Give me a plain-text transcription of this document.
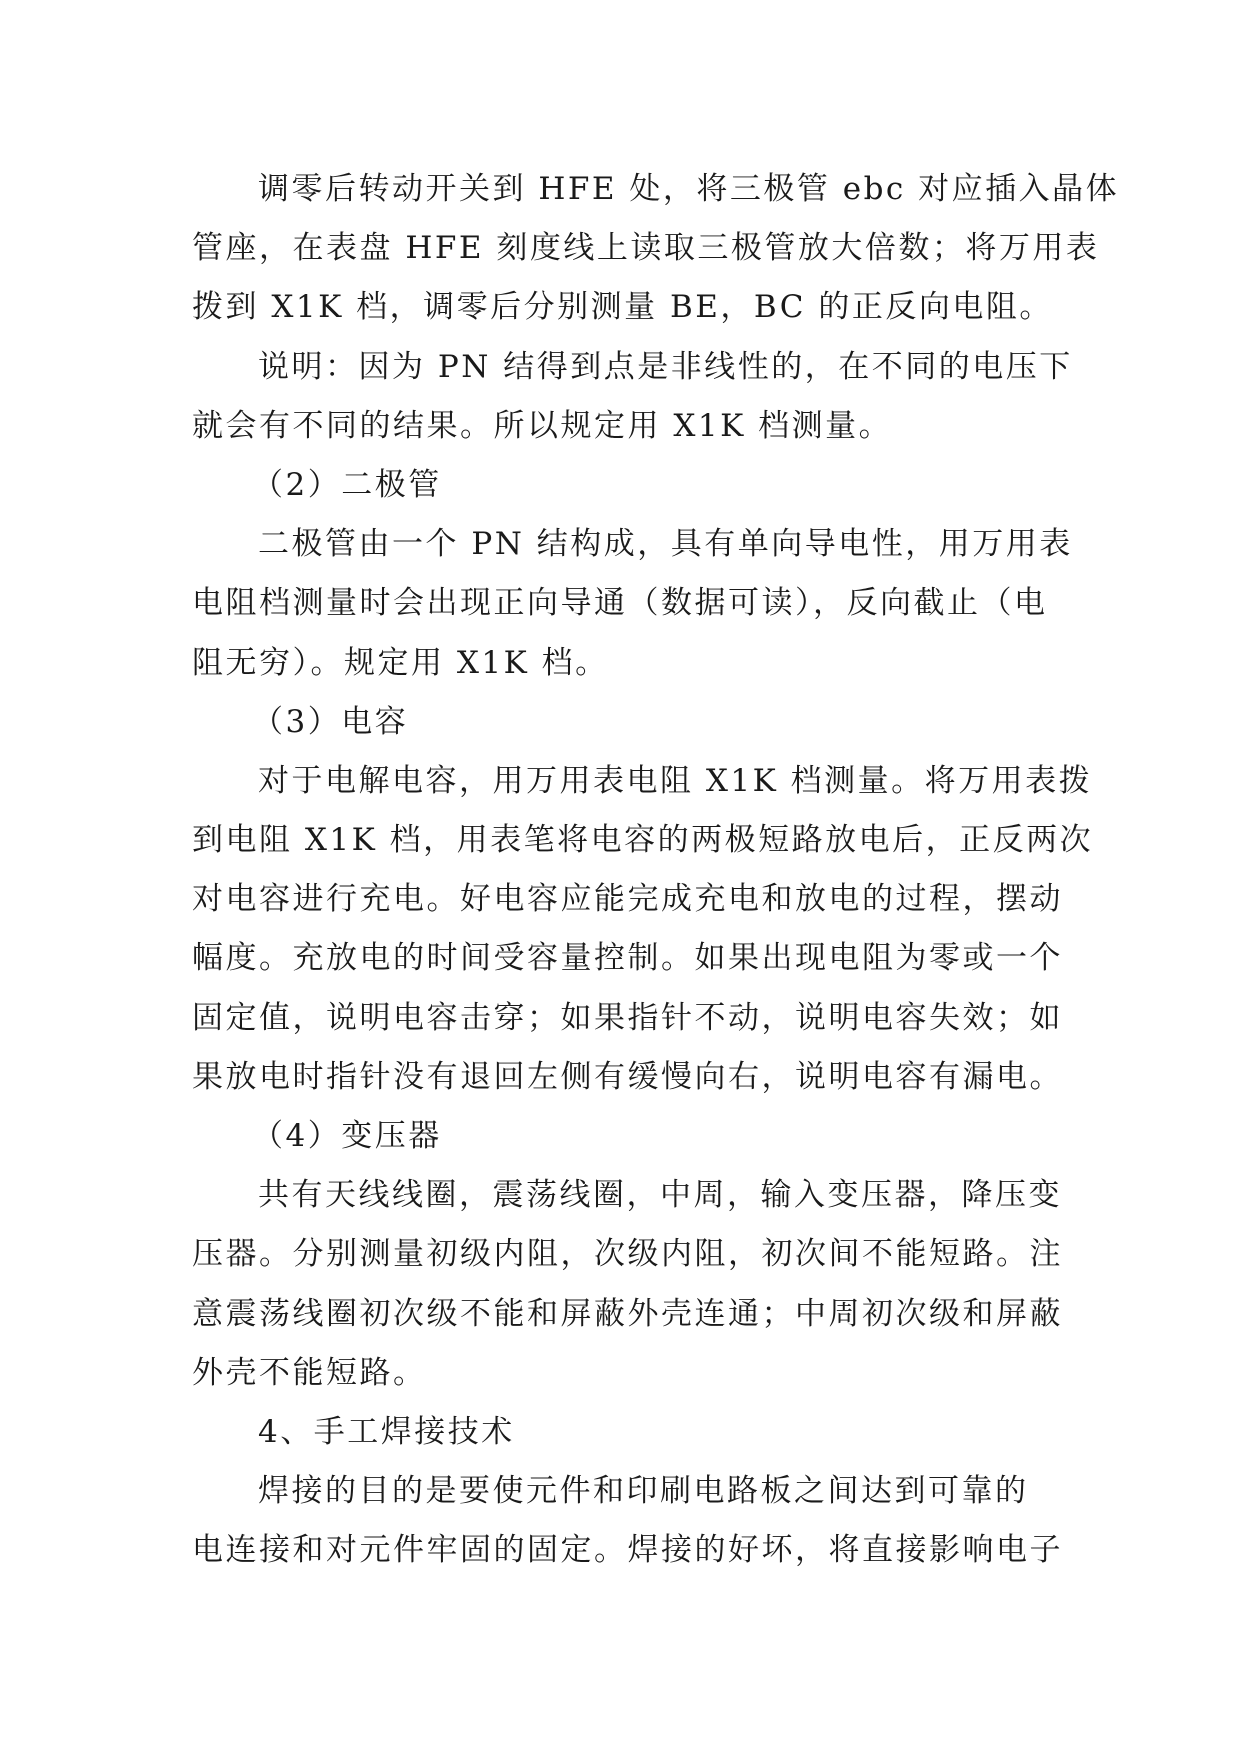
调零后转动开关到 HFE 处，将三极管 ebc 对应插入晶体
管座，在表盘 HFE 刻度线上读取三极管放大倍数；将万用表
拨到 X1K 档，调零后分别测量 BE，BC 的正反向电阻。
说明：因为 PN 结得到点是非线性的，在不同的电压下
就会有不同的结果。所以规定用 X1K 档测量。
（2）二极管
二极管由一个 PN 结构成，具有单向导电性，用万用表
电阻档测量时会出现正向导通（数据可读），反向截止（电
阻无穷）。规定用 X1K 档。
（3）电容
对于电解电容，用万用表电阻 X1K 档测量。将万用表拨
到电阻 X1K 档，用表笔将电容的两极短路放电后，正反两次
对电容进行充电。好电容应能完成充电和放电的过程，摆动
幅度。充放电的时间受容量控制。如果出现电阻为零或一个
固定值，说明电容击穿；如果指针不动，说明电容失效；如
果放电时指针没有退回左侧有缓慢向右，说明电容有漏电。
（4）变压器
共有天线线圈，震荡线圈，中周，输入变压器，降压变
压器。分别测量初级内阻，次级内阻，初次间不能短路。注
意震荡线圈初次级不能和屏蔽外壳连通；中周初次级和屏蔽
外壳不能短路。
4、手工焊接技术
焊接的目的是要使元件和印刷电路板之间达到可靠的
电连接和对元件牢固的固定。焊接的好坏，将直接影响电子
